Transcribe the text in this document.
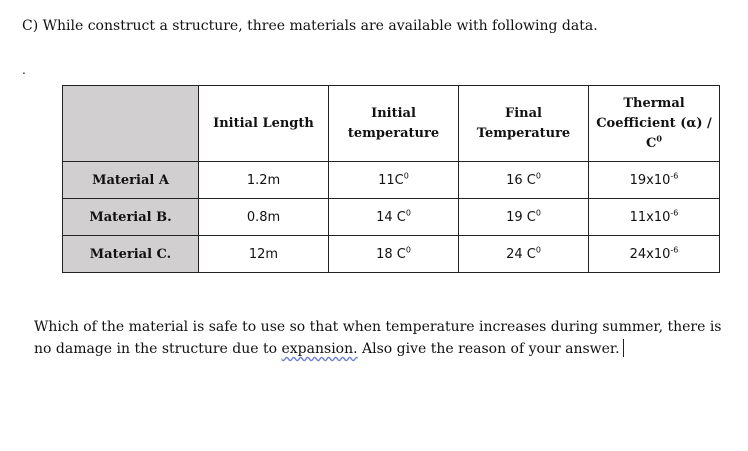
C) While construct a structure, three materials are available with following data.
.
	Initial Length	Initial temperature	Final Temperature	Thermal Coefficient (α) /
$C^0$

Material A	1.2m	$11C^0$	16 $C^0$	$19x10^{-6}$
Material B.	0.8m	14 $C^0$	19 $C^0$	$11x10^{-6}$
Material C.	12m	18 $C^0$	24 $C^0$	$24x10^{-6}$
Which of the material is safe to use so that when temperature increases during summer, there is
no damage in the structure due to expansion. Also give the reason of your answer.
